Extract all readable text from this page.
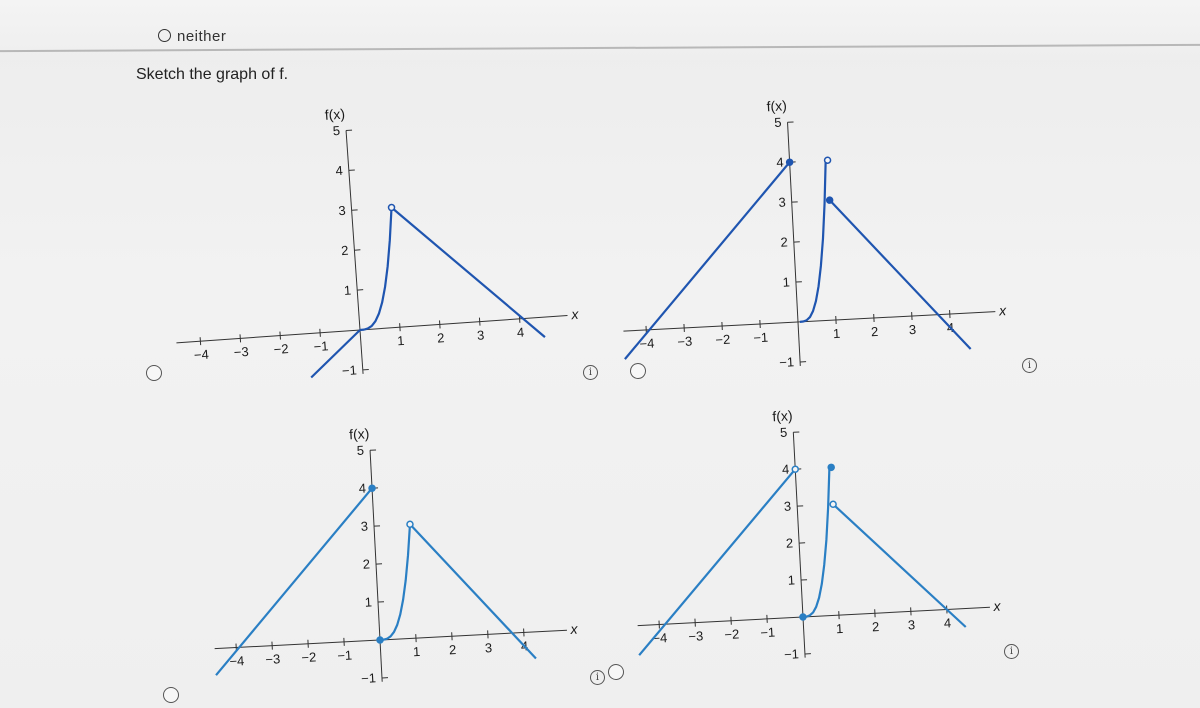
neither
Sketch the graph of f.
i
i
i
i
−4 −3 −2 −1	1 2 3 4
5
4
3
2
1
−1
f(x)
x
−4 −3 −2 −1	1 2 3 4
5
4
3
2
1
−1
f(x)
x
−4 −3 −2 −1	1 2 3 4
5
4
3
2
1
−1
f(x)
x
−4 −3 −2 −1	1 2 3 4
5
4
3
2
1
−1
f(x)
x
